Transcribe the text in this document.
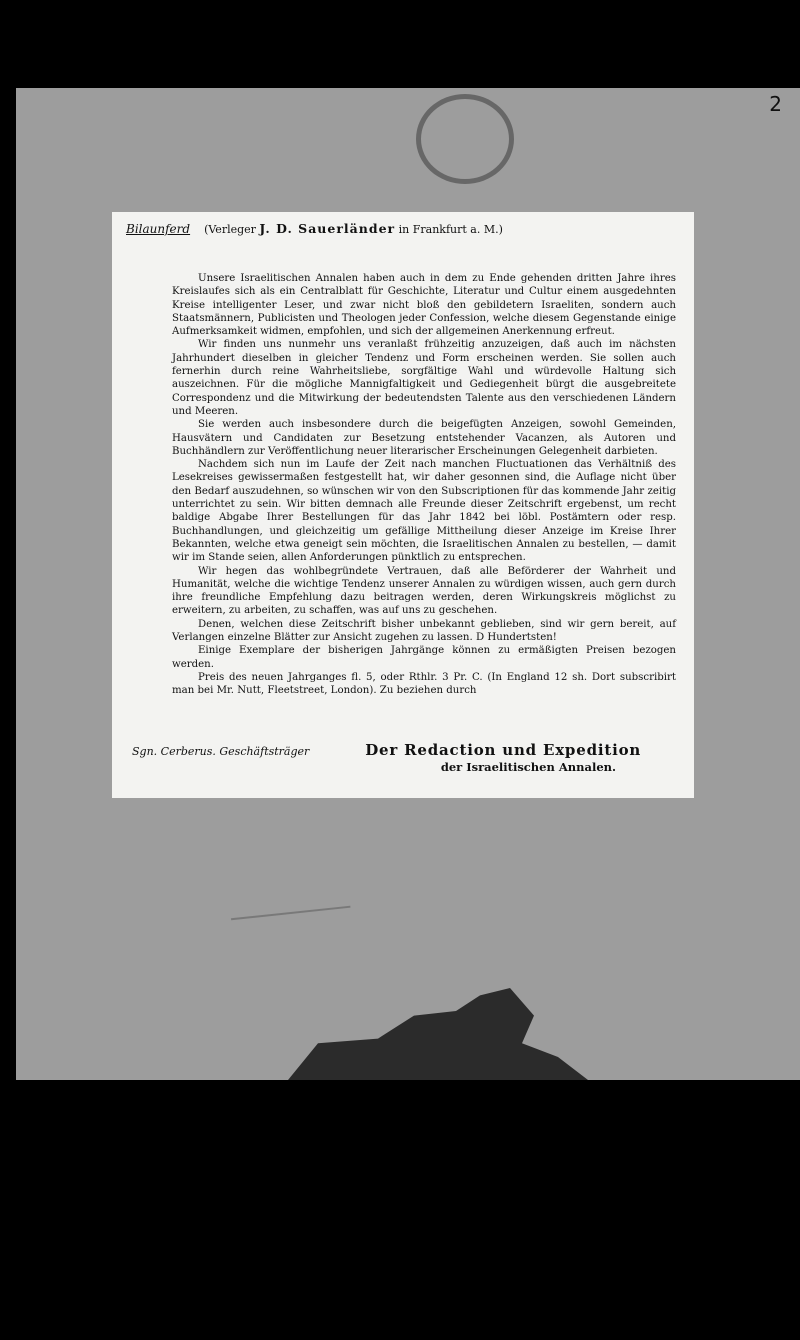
2
Bilaunferd (Verleger J. D. Sauerländer in Frankfurt a. M.)

Unsere Israelitischen Annalen haben auch in dem zu Ende gehenden dritten Jahre ihres Kreislaufes sich als ein Centralblatt für Geschichte, Literatur und Cultur einem ausgedehnten Kreise intelligenter Leser, und zwar nicht bloß den gebildetern Israeliten, sondern auch Staatsmännern, Publicisten und Theologen jeder Confession, welche diesem Gegenstande einige Aufmerksamkeit widmen, empfohlen, und sich der allgemeinen Anerkennung erfreut.

Wir finden uns nunmehr uns veranlaßt frühzeitig anzuzeigen, daß auch im nächsten Jahrhundert dieselben in gleicher Tendenz und Form erscheinen werden. Sie sollen auch fernerhin durch reine Wahrheitsliebe, sorgfältige Wahl und würdevolle Haltung sich auszeichnen. Für die mögliche Mannigfaltigkeit und Gediegenheit bürgt die ausgebreitete Correspondenz und die Mitwirkung der bedeutendsten Talente aus den verschiedenen Ländern und Meeren.

Sie werden auch insbesondere durch die beigefügten Anzeigen, sowohl Gemeinden, Hausvätern und Candidaten zur Besetzung entstehender Vacanzen, als Autoren und Buchhändlern zur Veröffentlichung neuer literarischer Erscheinungen Gelegenheit darbieten.

Nachdem sich nun im Laufe der Zeit nach manchen Fluctuationen das Verhältniß des Lesekreises gewissermaßen festgestellt hat, wir daher gesonnen sind, die Auflage nicht über den Bedarf auszudehnen, so wünschen wir von den Subscriptionen für das kommende Jahr zeitig unterrichtet zu sein. Wir bitten demnach alle Freunde dieser Zeitschrift ergebenst, um recht baldige Abgabe Ihrer Bestellungen für das Jahr 1842 bei löbl. Postämtern oder resp. Buchhandlungen, und gleichzeitig um gefällige Mittheilung dieser Anzeige im Kreise Ihrer Bekannten, welche etwa geneigt sein möchten, die Israelitischen Annalen zu bestellen, — damit wir im Stande seien, allen Anforderungen pünktlich zu entsprechen.

Wir hegen das wohlbegründete Vertrauen, daß alle Beförderer der Wahrheit und Humanität, welche die wichtige Tendenz unserer Annalen zu würdigen wissen, auch gern durch ihre freundliche Empfehlung dazu beitragen werden, deren Wirkungskreis möglichst zu erweitern, zu arbeiten, zu schaffen, was auf uns zu geschehen.

Denen, welchen diese Zeitschrift bisher unbekannt geblieben, sind wir gern bereit, auf Verlangen einzelne Blätter zur Ansicht zugehen zu lassen. D Hundertsten!

Einige Exemplare der bisherigen Jahrgänge können zu ermäßigten Preisen bezogen werden.

Preis des neuen Jahrganges fl. 5, oder Rthlr. 3 Pr. C. (In England 12 sh. Dort subscribirt man bei Mr. Nutt, Fleetstreet, London). Zu beziehen durch

Sgn. Cerberus. Geschäftsträger	Der Redaction und Expedition
der Israelitischen Annalen.
